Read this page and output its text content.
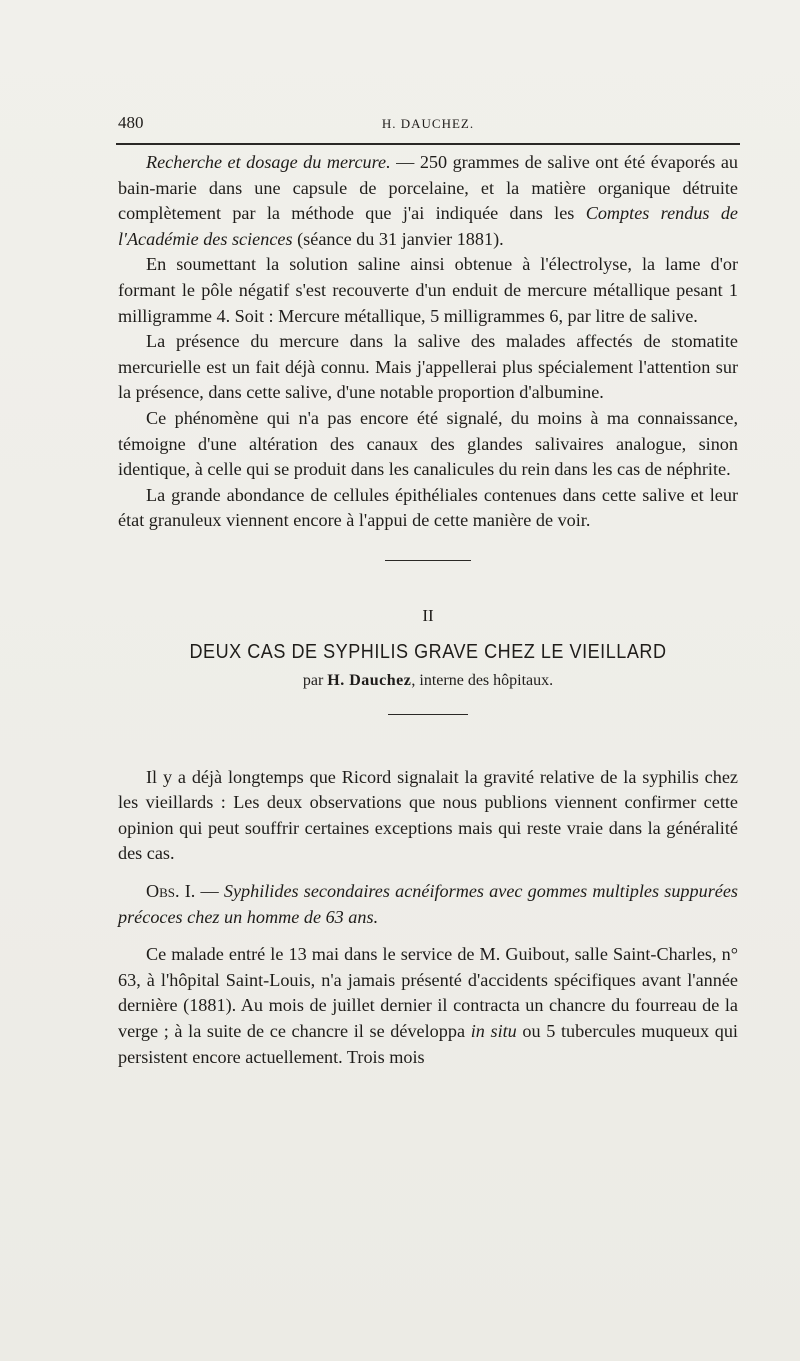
480	H. DAUCHEZ.

Recherche et dosage du mercure. — 250 grammes de salive ont été évaporés au bain-marie dans une capsule de porcelaine, et la matière organique détruite complètement par la méthode que j'ai indiquée dans les Comptes rendus de l'Académie des sciences (séance du 31 janvier 1881).

En soumettant la solution saline ainsi obtenue à l'électrolyse, la lame d'or formant le pôle négatif s'est recouverte d'un enduit de mercure métallique pesant 1 milligramme 4. Soit : Mercure métallique, 5 milligrammes 6, par litre de salive.

La présence du mercure dans la salive des malades affectés de stomatite mercurielle est un fait déjà connu. Mais j'appellerai plus spécialement l'attention sur la présence, dans cette salive, d'une notable proportion d'albumine.

Ce phénomène qui n'a pas encore été signalé, du moins à ma connaissance, témoigne d'une altération des canaux des glandes salivaires analogue, sinon identique, à celle qui se produit dans les canalicules du rein dans les cas de néphrite.

La grande abondance de cellules épithéliales contenues dans cette salive et leur état granuleux viennent encore à l'appui de cette manière de voir.

II
DEUX CAS DE SYPHILIS GRAVE CHEZ LE VIEILLARD
par H. Dauchez, interne des hôpitaux.

Il y a déjà longtemps que Ricord signalait la gravité relative de la syphilis chez les vieillards : Les deux observations que nous publions viennent confirmer cette opinion qui peut souffrir certaines exceptions mais qui reste vraie dans la généralité des cas.

Obs. I. — Syphilides secondaires acnéiformes avec gommes multiples suppurées précoces chez un homme de 63 ans.

Ce malade entré le 13 mai dans le service de M. Guibout, salle Saint-Charles, n° 63, à l'hôpital Saint-Louis, n'a jamais présenté d'accidents spécifiques avant l'année dernière (1881). Au mois de juillet dernier il contracta un chancre du fourreau de la verge ; à la suite de ce chancre il se développa in situ ou 5 tubercules muqueux qui persistent encore actuellement. Trois mois
